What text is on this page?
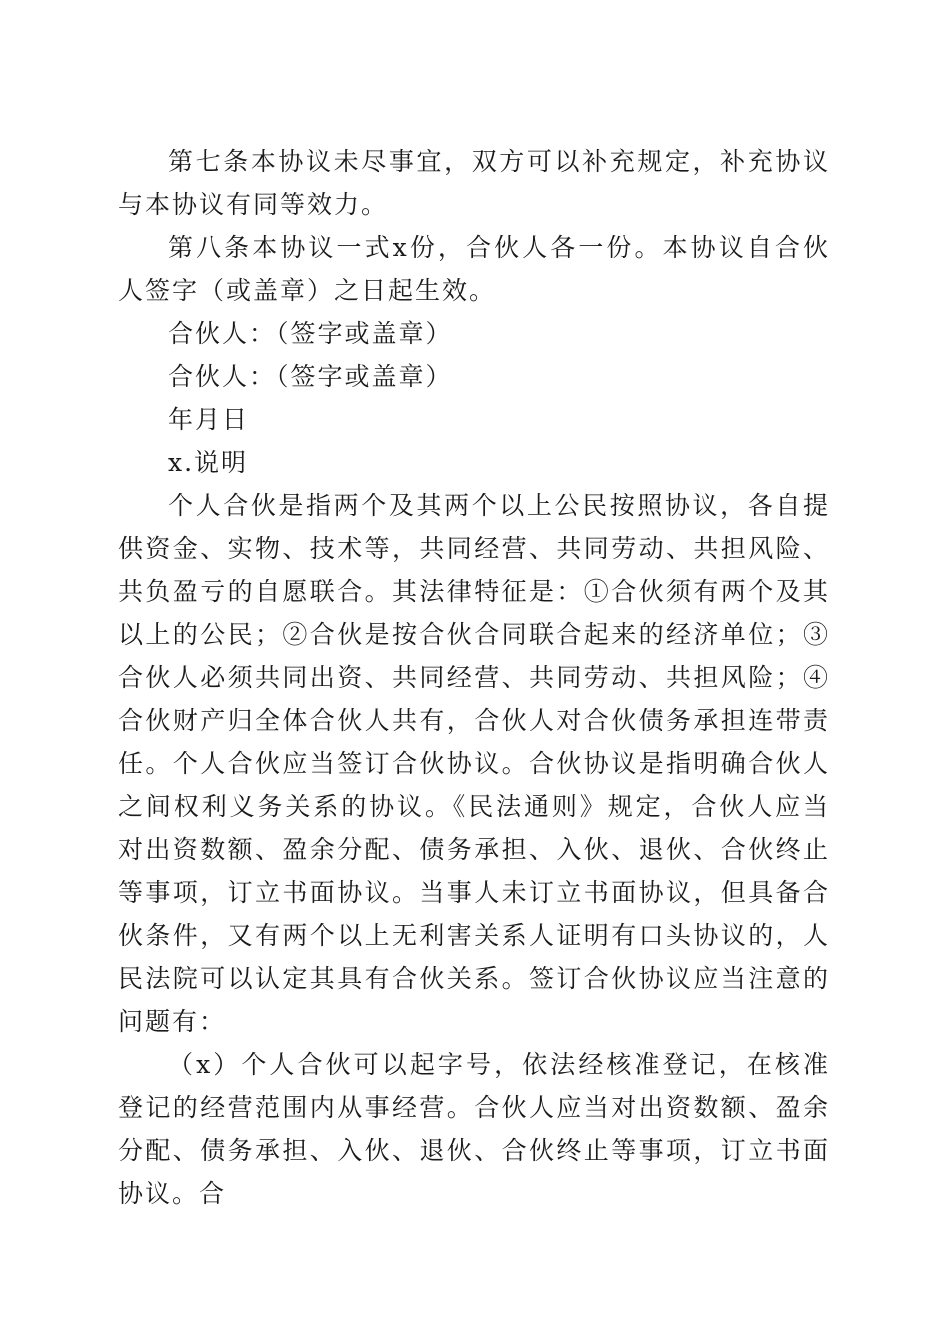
第七条本协议未尽事宜，双方可以补充规定，补充协议与本协议有同等效力。

第八条本协议一式x份，合伙人各一份。本协议自合伙人签字（或盖章）之日起生效。

合伙人：（签字或盖章）

合伙人：（签字或盖章）

年月日

x.说明

个人合伙是指两个及其两个以上公民按照协议，各自提供资金、实物、技术等，共同经营、共同劳动、共担风险、共负盈亏的自愿联合。其法律特征是：①合伙须有两个及其以上的公民；②合伙是按合伙合同联合起来的经济单位；③合伙人必须共同出资、共同经营、共同劳动、共担风险；④合伙财产归全体合伙人共有，合伙人对合伙债务承担连带责任。个人合伙应当签订合伙协议。合伙协议是指明确合伙人之间权利义务关系的协议。《民法通则》规定，合伙人应当对出资数额、盈余分配、债务承担、入伙、退伙、合伙终止等事项，订立书面协议。当事人未订立书面协议，但具备合伙条件，又有两个以上无利害关系人证明有口头协议的，人民法院可以认定其具有合伙关系。签订合伙协议应当注意的问题有：

（x）个人合伙可以起字号，依法经核准登记，在核准登记的经营范围内从事经营。合伙人应当对出资数额、盈余分配、债务承担、入伙、退伙、合伙终止等事项，订立书面协议。合
